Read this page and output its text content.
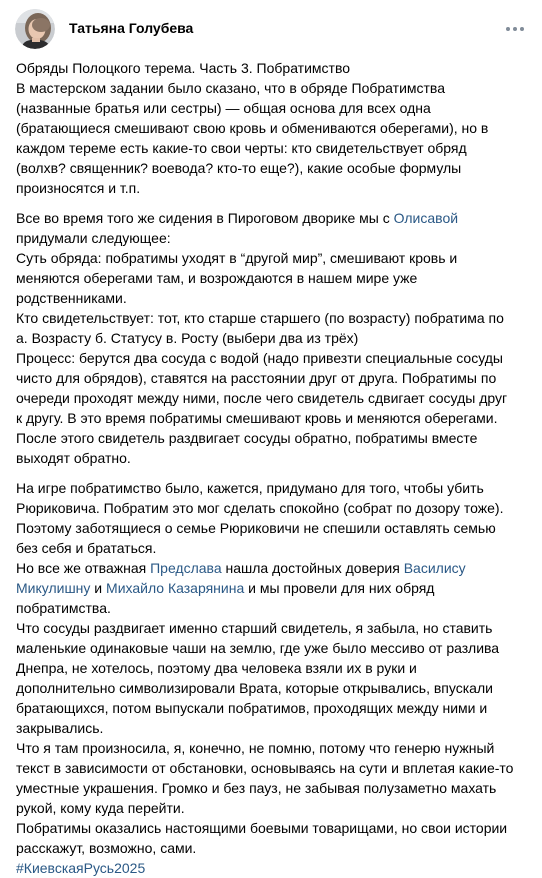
Татьяна Голубева
Обряды Полоцкого терема. Часть 3. Побратимство
В мастерском задании было сказано, что в обряде Побратимства
(названные братья или сестры) — общая основа для всех одна
(братающиеся смешивают свою кровь и обмениваются оберегами), но в
каждом тереме есть какие-то свои черты: кто свидетельствует обряд
(волхв? священник? воевода? кто-то еще?), какие особые формулы
произносятся и т.п.
Все во время того же сидения в Пироговом дворике мы с Олисавой
придумали следующее:
Суть обряда: побратимы уходят в “другой мир”, смешивают кровь и
меняются оберегами там, и возрождаются в нашем мире уже
родственниками.
Кто свидетельствует: тот, кто старше старшего (по возрасту) побратима по
а. Возрасту б. Статусу в. Росту (выбери два из трёх)
Процесс: берутся два сосуда с водой (надо привезти специальные сосуды
чисто для обрядов), ставятся на расстоянии друг от друга. Побратимы по
очереди проходят между ними, после чего свидетель сдвигает сосуды друг
к другу. В это время побратимы смешивают кровь и меняются оберегами.
После этого свидетель раздвигает сосуды обратно, побратимы вместе
выходят обратно.
На игре побратимство было, кажется, придумано для того, чтобы убить
Рюриковича. Побратим это мог сделать спокойно (собрат по дозору тоже).
Поэтому заботящиеся о семье Рюриковичи не спешили оставлять семью
без себя и брататься.
Но все же отважная Предслава нашла достойных доверия Василису
Микулишну и Михайло Казарянина и мы провели для них обряд
побратимства.
Что сосуды раздвигает именно старший свидетель, я забыла, но ставить
маленькие одинаковые чаши на землю, где уже было мессиво от разлива
Днепра, не хотелось, поэтому два человека взяли их в руки и
дополнительно символизировали Врата, которые открывались, впускали
братающихся, потом выпускали побратимов, проходящих между ними и
закрывались.
Что я там произносила, я, конечно, не помню, потому что генерю нужный
текст в зависимости от обстановки, основываясь на сути и вплетая какие-то
уместные украшения. Громко и без пауз, не забывая полузаметно махать
рукой, кому куда перейти.
Побратимы оказались настоящими боевыми товарищами, но свои истории
расскажут, возможно, сами.
#КиевскаяРусь2025
